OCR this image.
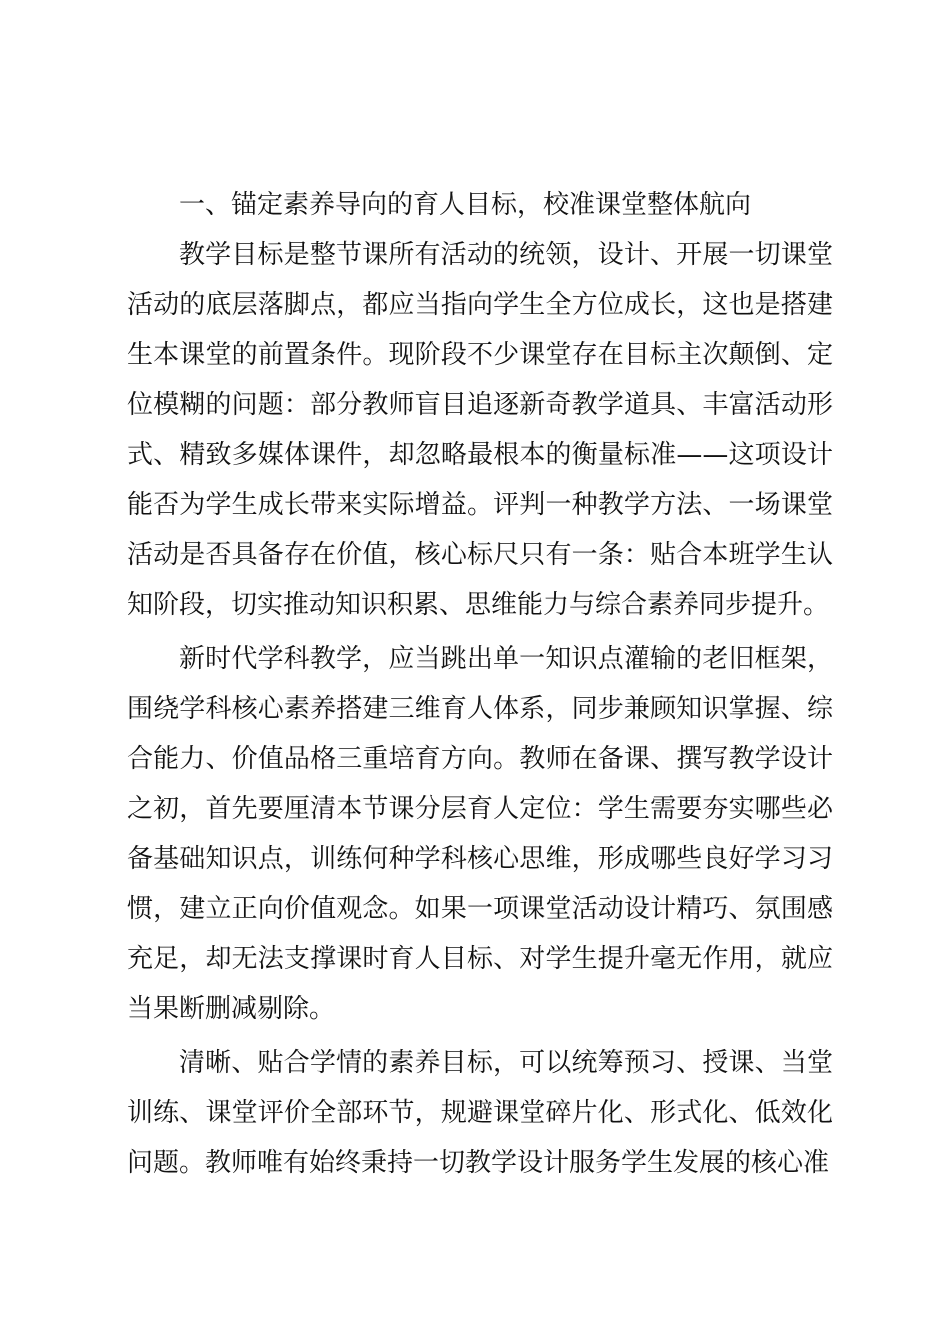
一、锚定素养导向的育人目标，校准课堂整体航向

教学目标是整节课所有活动的统领，设计、开展一切课堂活动的底层落脚点，都应当指向学生全方位成长，这也是搭建生本课堂的前置条件。现阶段不少课堂存在目标主次颠倒、定位模糊的问题：部分教师盲目追逐新奇教学道具、丰富活动形式、精致多媒体课件，却忽略最根本的衡量标准——这项设计能否为学生成长带来实际增益。评判一种教学方法、一场课堂活动是否具备存在价值，核心标尺只有一条：贴合本班学生认知阶段，切实推动知识积累、思维能力与综合素养同步提升。

新时代学科教学，应当跳出单一知识点灌输的老旧框架，围绕学科核心素养搭建三维育人体系，同步兼顾知识掌握、综合能力、价值品格三重培育方向。教师在备课、撰写教学设计之初，首先要厘清本节课分层育人定位：学生需要夯实哪些必备基础知识点，训练何种学科核心思维，形成哪些良好学习习惯，建立正向价值观念。如果一项课堂活动设计精巧、氛围感充足，却无法支撑课时育人目标、对学生提升毫无作用，就应当果断删减剔除。

清晰、贴合学情的素养目标，可以统筹预习、授课、当堂训练、课堂评价全部环节，规避课堂碎片化、形式化、低效化问题。教师唯有始终秉持一切教学设计服务学生发展的核心准
